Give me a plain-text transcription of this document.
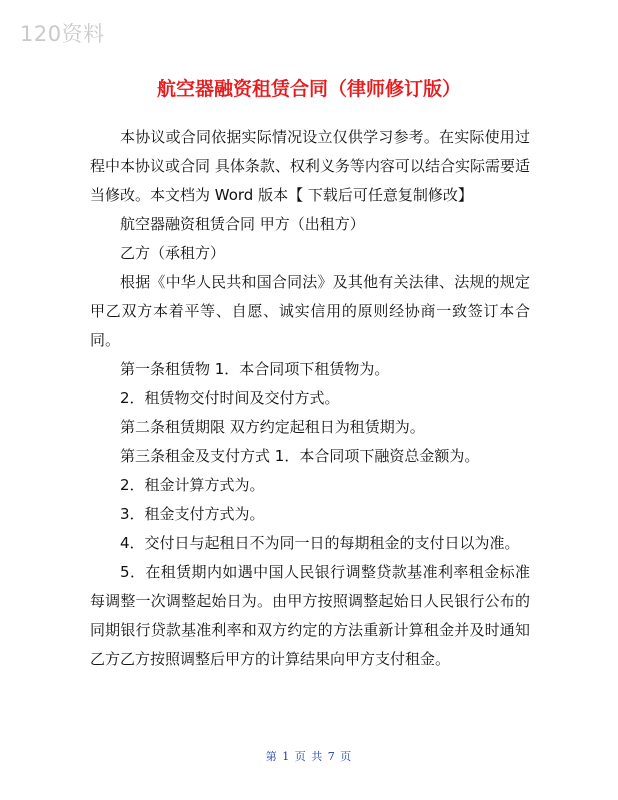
120资料
航空器融资租赁合同（律师修订版）

本协议或合同依据实际情况设立仅供学习参考。在实际使用过程中本协议或合同 具体条款、权利义务等内容可以结合实际需要适当修改。本文档为 Word 版本【 下载后可任意复制修改】

航空器融资租赁合同 甲方（出租方）

乙方（承租方）

根据《中华人民共和国合同法》及其他有关法律、法规的规定甲乙双方本着平等、自愿、诚实信用的原则经协商一致签订本合同。

第一条租赁物 1．本合同项下租赁物为。

2．租赁物交付时间及交付方式。

第二条租赁期限 双方约定起租日为租赁期为。

第三条租金及支付方式 1．本合同项下融资总金额为。

2．租金计算方式为。

3．租金支付方式为。

4．交付日与起租日不为同一日的每期租金的支付日以为准。

5．在租赁期内如遇中国人民银行调整贷款基准利率租金标准每调整一次调整起始日为。由甲方按照调整起始日人民银行公布的同期银行贷款基准利率和双方约定的方法重新计算租金并及时通知乙方乙方按照调整后甲方的计算结果向甲方支付租金。

第 1 页 共 7 页
